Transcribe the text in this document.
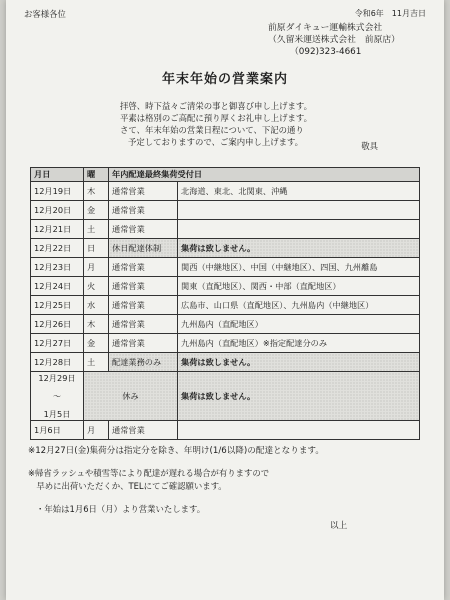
令和6年　11月吉日
お客様各位
前原ダイキュー運輸株式会社
（久留米運送株式会社　前原店）
（092)323-4661
年末年始の営業案内
拝啓、時下益々ご清栄の事と御喜び申し上げます。
平素は格別のご高配に預り厚くお礼申し上げます。
さて、年末年始の営業日程について、下記の通り
予定しておりますので、ご案内申し上げます。	敬具
月日	曜	年内配達最終集荷受付日	
12月19日	木	通常営業	北海道、東北、北関東、沖縄
12月20日	金	通常営業	
12月21日	土	通常営業	
12月22日	日	休日配達体制	集荷は致しません。
12月23日	月	通常営業	関西（中継地区）、中国（中継地区）、四国、九州離島
12月24日	火	通常営業	関東（直配地区）、関西・中部（直配地区）
12月25日	水	通常営業	広島市、山口県（直配地区）、九州島内（中継地区）
12月26日	木	通常営業	九州島内（直配地区）
12月27日	金	通常営業	九州島内（直配地区）※指定配達分のみ
12月28日	土	配達業務のみ	集荷は致しません。

12月29日
～
1月5日	休み		集荷は致しません。
1月6日	月	通常営業	
※12月27日(金)集荷分は指定分を除き、年明け(1/6以降)の配達となります。
※帰省ラッシュや積雪等により配達が遅れる場合が有りますので
　早めに出荷いただくか、TELにてご確認願います。
・年始は1月6日（月）より営業いたします。
以上
